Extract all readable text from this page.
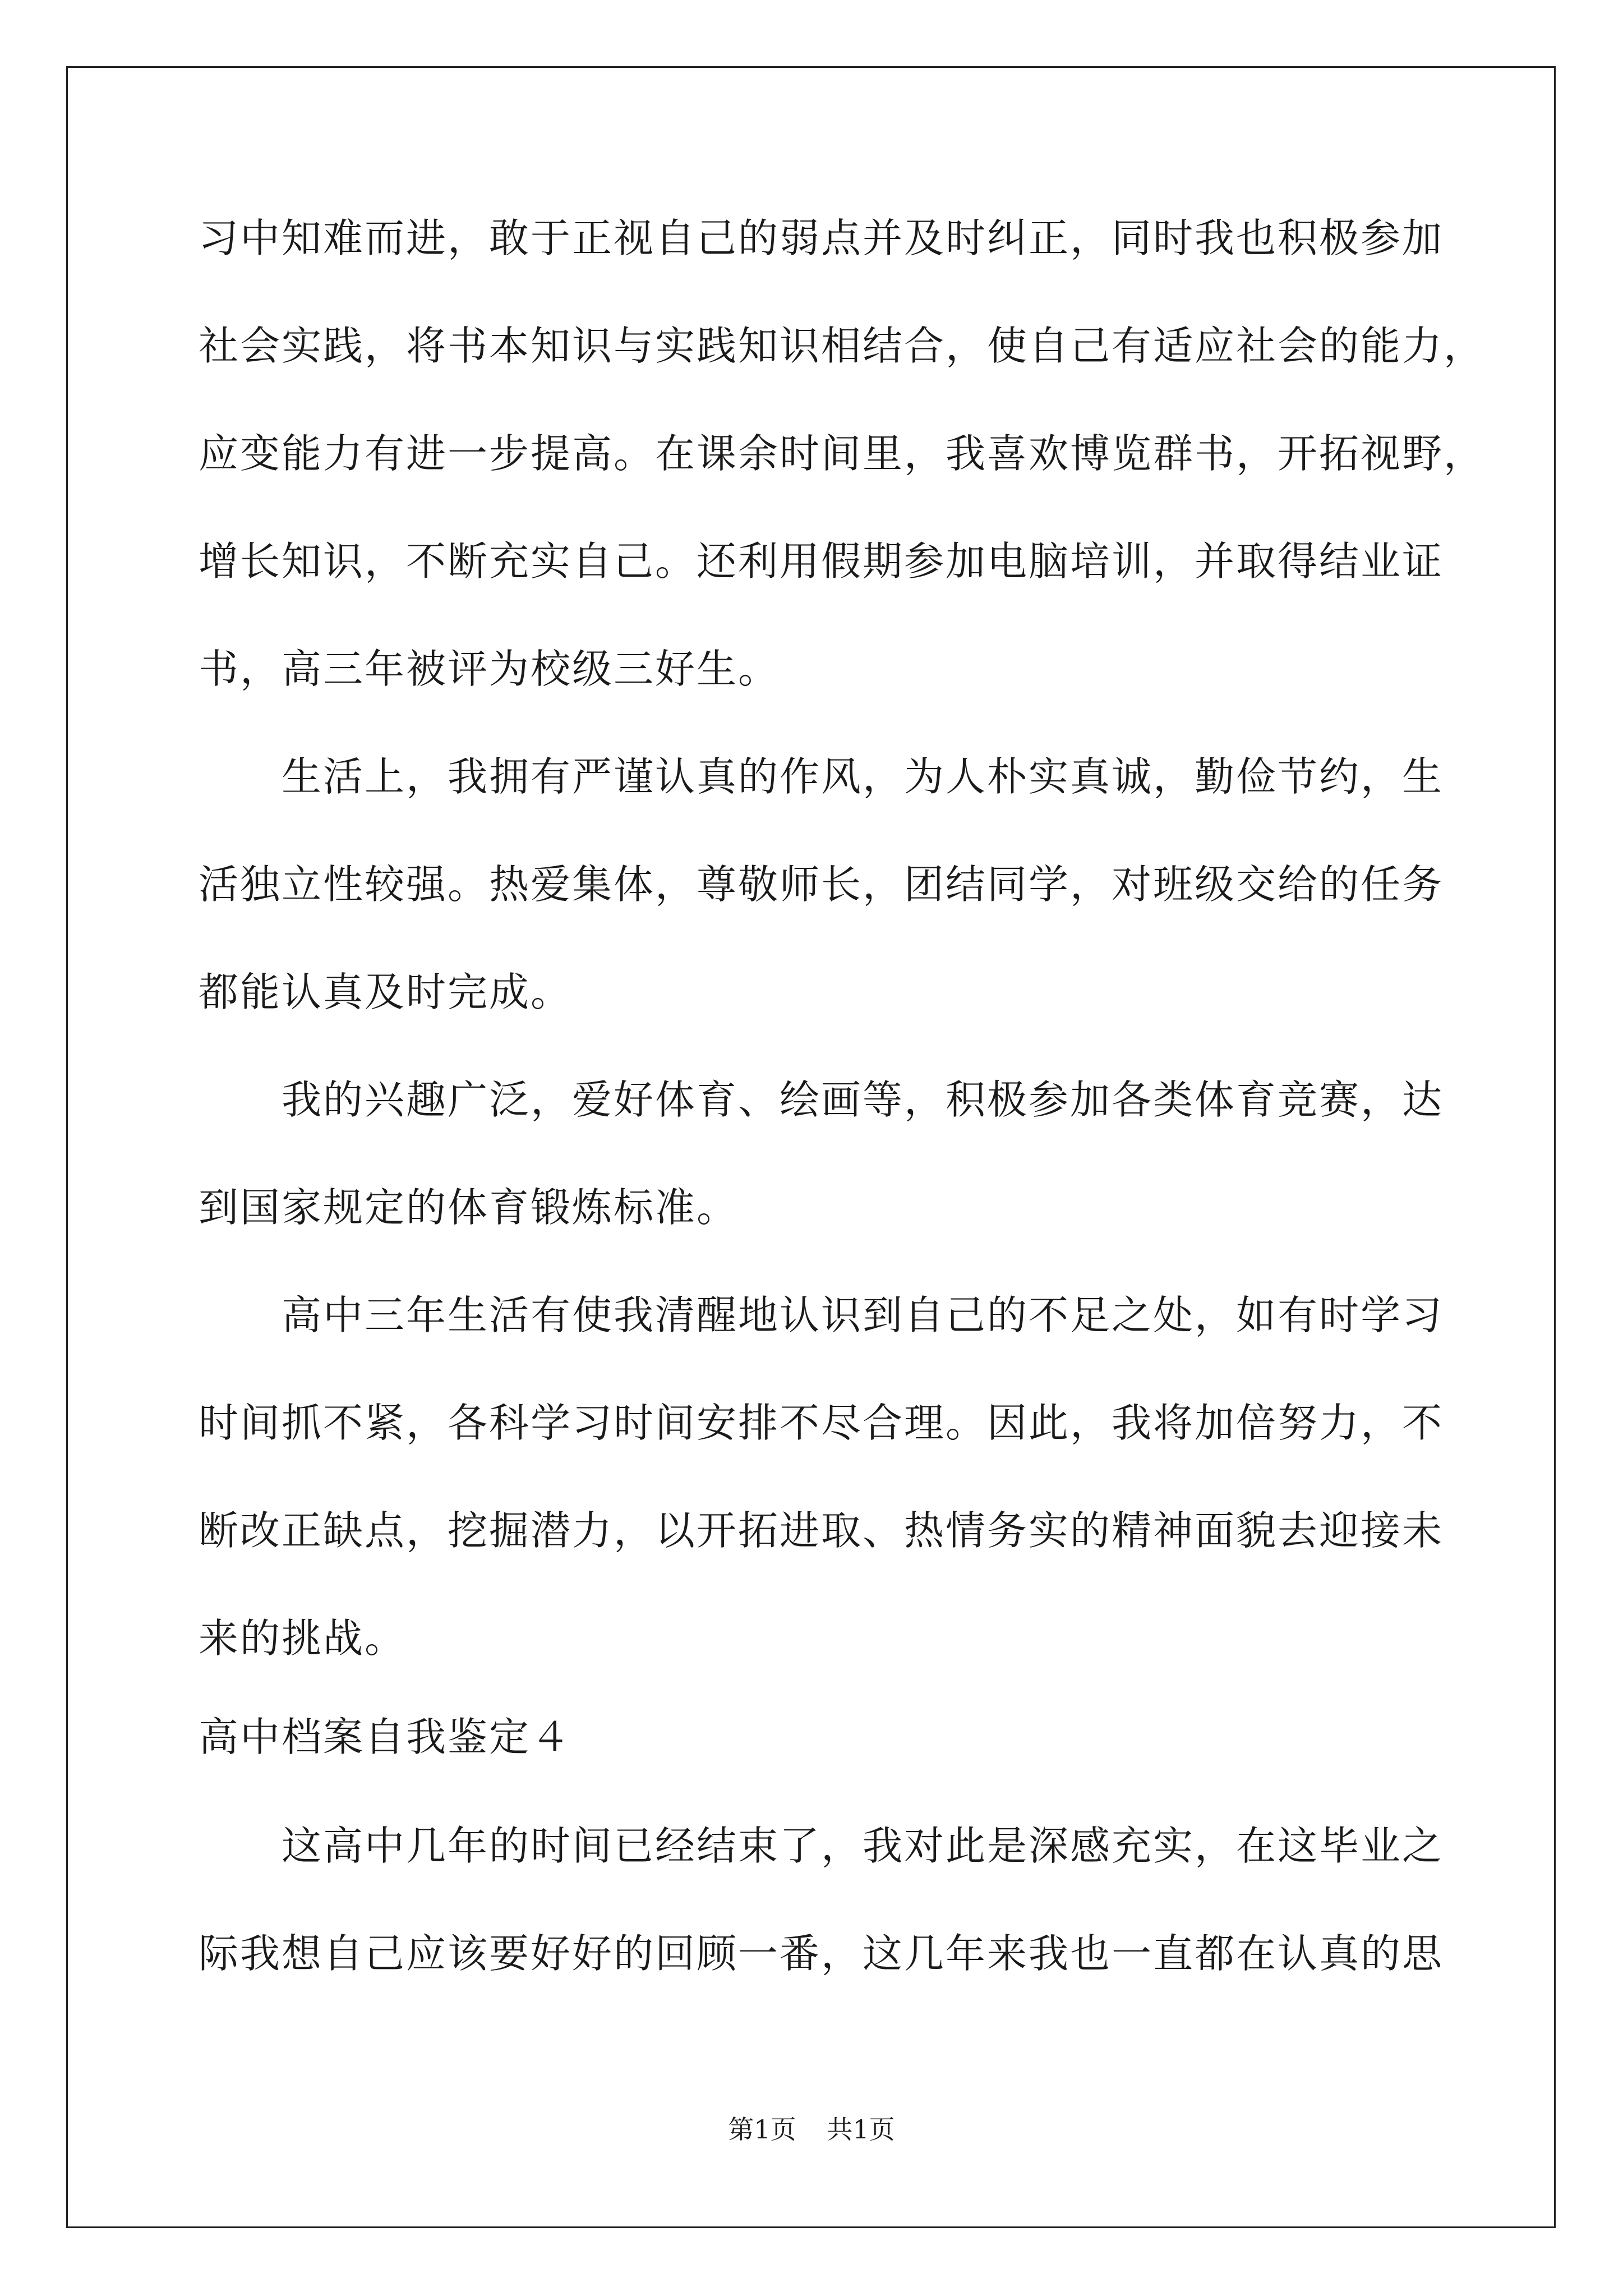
习中知难而进，敢于正视自己的弱点并及时纠正，同时我也积极参加
社会实践，将书本知识与实践知识相结合，使自己有适应社会的能力，
应变能力有进一步提高。在课余时间里，我喜欢博览群书，开拓视野，
增长知识，不断充实自己。还利用假期参加电脑培训，并取得结业证
书，高三年被评为校级三好生。
生活上，我拥有严谨认真的作风，为人朴实真诚，勤俭节约，生
活独立性较强。热爱集体，尊敬师长，团结同学，对班级交给的任务
都能认真及时完成。
我的兴趣广泛，爱好体育、绘画等，积极参加各类体育竞赛，达
到国家规定的体育锻炼标准。
高中三年生活有使我清醒地认识到自己的不足之处，如有时学习
时间抓不紧，各科学习时间安排不尽合理。因此，我将加倍努力，不
断改正缺点，挖掘潜力，以开拓进取、热情务实的精神面貌去迎接未
来的挑战。
高中档案自我鉴定４
这高中几年的时间已经结束了，我对此是深感充实，在这毕业之
际我想自己应该要好好的回顾一番，这几年来我也一直都在认真的思
第1页 共1页
